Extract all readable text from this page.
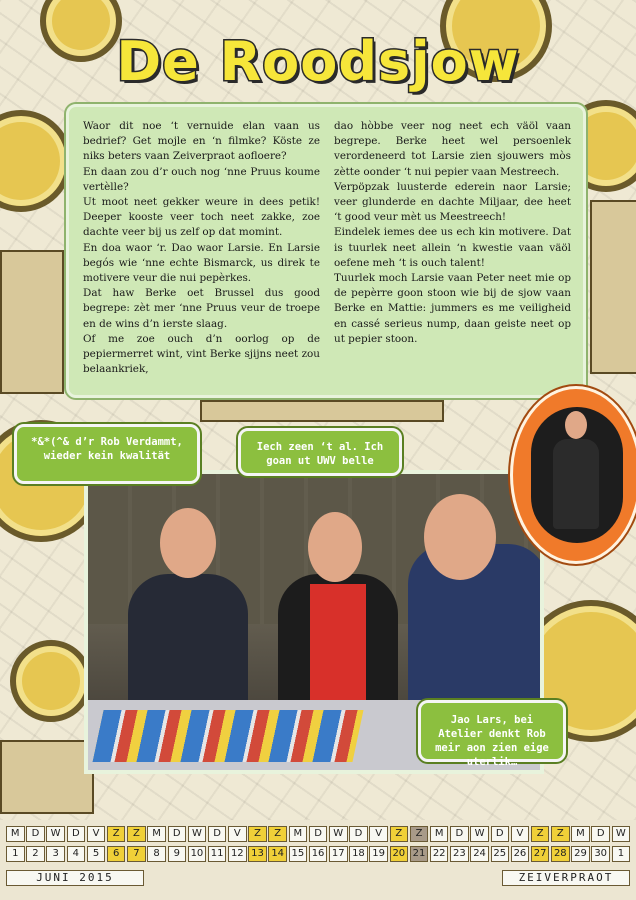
De Roodsjow

Waor dit noe ‘t vernuide elan vaan us bedrief? Get mojle en ‘n filmke? Köste ze niks beters vaan Zeiverpraot aofloere?

En daan zou d’r ouch nog ‘nne Pruus koume vertèlle?

Ut moot neet gekker weure in dees petik! Deeper kooste veer toch neet zakke, zoe dachte veer bij us zelf op dat momint.

En doa waor ‘r. Dao waor Larsie. En Larsie begós wie ‘nne echte Bismarck, us direk te motivere veur die nui pepèrkes.

Dat haw Berke oet Brussel dus good begrepe: zèt mer ‘nne Pruus veur de troepe en de wins d’n ierste slaag.

Of me zoe ouch d’n oorlog op de pepiermerret wint, vint Berke sjijns neet zou belaankriek,

dao hòbbe veer nog neet ech väöl vaan begrepe. Berke heet wel persoenlek verordeneerd tot Larsie zien sjouwers mòs zètte oonder ‘t nui pepier vaan Mestreech.

Verpöpzak luusterde ederein naor Larsie; veer glunderde en dachte Miljaar, dee heet ‘t good veur mèt us Meestreech!

Eindelek iemes dee us ech kin motivere. Dat is tuurlek neet allein ‘n kwestie vaan väöl oefene meh ‘t is ouch talent!

Tuurlek moch Larsie vaan Peter neet mie op de pepèrre goon stoon wie bij de sjow vaan Berke en Mattie: jummers es me veiligheid en cassé serieus nump, daan geiste neet op ut pepier stoon.

*&*(^& d’r Rob Verdammt, wieder kein kwalität
Iech zeen ‘t al. Ich goan ut UWV belle
Jao Lars, bei Atelier denkt Rob meir aon zien eige uterlik…
M	D	W	D	V	Z	Z	M	D	W	D	V	Z	Z	M	D	W	D	V	Z	Z	M	D	W	D	V	Z	Z	M	D	W
1	2	3	4	5	6	7	8	9	10 11 12 13 14 15 16 17 18 19 20 21 22 23 24 25 26 27 28 29 30	1
JUNI 2015	ZEIVERPRAOT
